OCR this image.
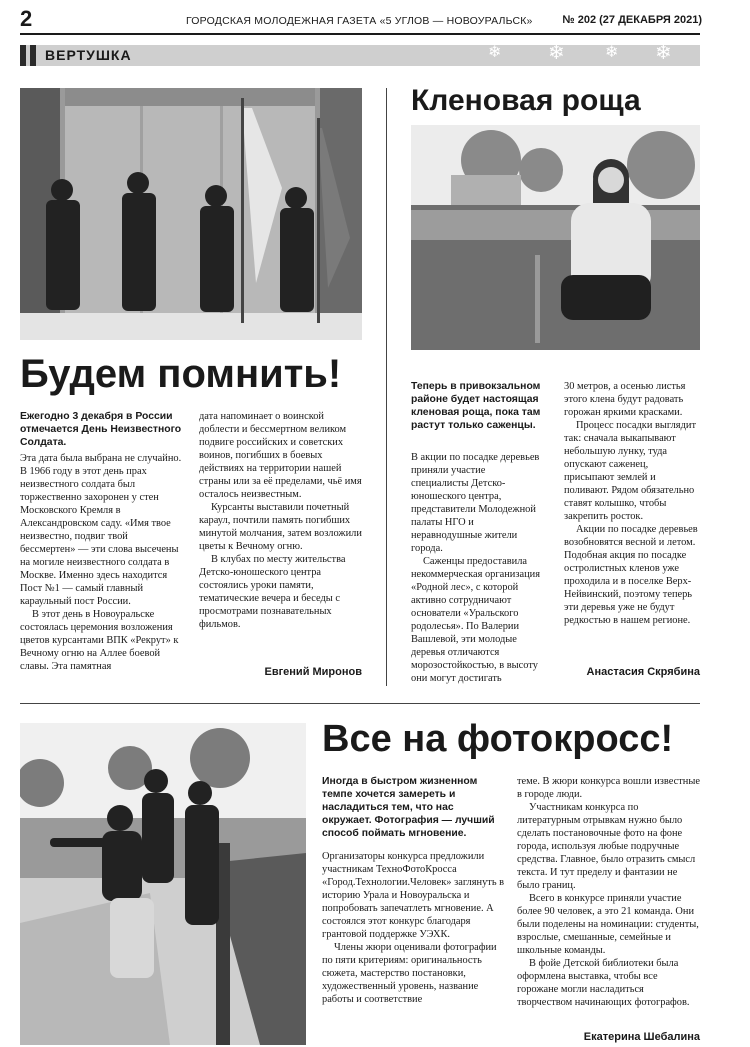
2	ГОРОДСКАЯ МОЛОДЕЖНАЯ ГАЗЕТА «5 УГЛОВ — НОВОУРАЛЬСК»	№ 202 (27 ДЕКАБРЯ 2021)
ВЕРТУШКА	❄ ❄	❄ ❄
Будем помнить!
Ежегодно 3 декабря в России отмечается День Неизвестного Солдата.

Эта дата была выбрана не случайно. В 1966 году в этот день прах неизвестного солдата был торжественно захоронен у стен Московского Кремля в Александровском саду. «Имя твое неизвестно, подвиг твой бессмертен» — эти слова высечены на могиле неизвестного солдата в Москве. Именно здесь находится Пост №1 — самый главный караульный пост России.

В этот день в Новоуральске состоялась церемония возложения цветов курсантами ВПК «Рекрут» к Вечному огню на Аллее боевой славы. Эта памятная

дата напоминает о воинской доблести и бессмертном великом подвиге российских и советских воинов, погибших в боевых действиях на территории нашей страны или за её пределами, чьё имя осталось неизвестным.

Курсанты выставили почетный караул, почтили память погибших минутой молчания, затем возложили цветы к Вечному огню.

В клубах по месту жительства Детско-юношеского центра состоялись уроки памяти, тематические вечера и беседы с просмотрами познавательных фильмов.

Евгений Миронов
Кленовая роща
Теперь в привокзальном районе будет настоящая кленовая роща, пока там растут только саженцы.

В акции по посадке деревьев приняли участие специалисты Детско-юношеского центра, представители Молодежной палаты НГО и неравнодушные жители города.

Саженцы предоставила некоммерческая организация «Родной лес», с которой активно сотрудничают основатели «Уральского родолесья». По Валерии Вашлевой, эти молодые деревья отличаются морозостойкостью, в высоту они могут достигать

30 метров, а осенью листья этого клена будут радовать горожан яркими красками.

Процесс посадки выглядит так: сначала выкапывают небольшую лунку, туда опускают саженец, присыпают землей и поливают. Рядом обязательно ставят колышко, чтобы закрепить росток.

Акции по посадке деревьев возобновятся весной и летом. Подобная акция по посадке остролистных кленов уже проходила и в поселке Верх-Нейвинский, поэтому теперь эти деревья уже не будут редкостью в нашем регионе.

Анастасия Скрябина
Все на фотокросс!
Иногда в быстром жизненном темпе хочется замереть и насладиться тем, что нас окружает. Фотография — лучший способ поймать мгновение.

Организаторы конкурса предложили участникам ТехноФотоКросса «Город.Технологии.Человек» заглянуть в историю Урала и Новоуральска и попробовать запечатлеть мгновение. А состоялся этот конкурс благодаря грантовой поддержке УЭХК.

Члены жюри оценивали фотографии по пяти критериям: оригинальность сюжета, мастерство постановки, художественный уровень, название работы и соответствие

теме. В жюри конкурса вошли известные в городе люди.

Участникам конкурса по литературным отрывкам нужно было сделать постановочные фото на фоне города, используя любые подручные средства. Главное, было отразить смысл текста. И тут пределу и фантазии не было границ.

Всего в конкурсе приняли участие более 90 человек, а это 21 команда. Они были поделены на номинации: студенты, взрослые, смешанные, семейные и школьные команды.

В фойе Детской библиотеки была оформлена выставка, чтобы все горожане могли насладиться творчеством начинающих фотографов.

Екатерина Шебалина
